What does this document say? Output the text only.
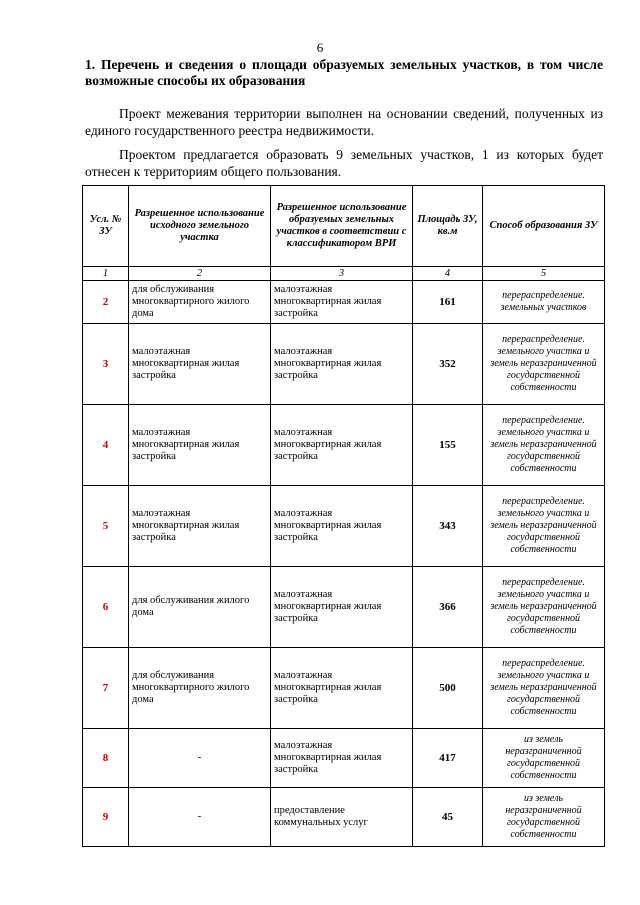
6
1. Перечень и сведения о площади образуемых земельных участков, в том числе возможные способы их образования

Проект межевания территории выполнен на основании сведений, полученных из единого государственного реестра недвижимости.

Проектом предлагается образовать 9 земельных участков, 1 из которых будет отнесен к территориям общего пользования.

Усл. № ЗУ	Разрешенное использование исходного земельного участка	Разрешенное использование образуемых земельных участков в соответствии с классификатором ВРИ	Площадь ЗУ, кв.м	Способ образования ЗУ
1	2	3	4	5
2	для обслуживания многоквартирного жилого дома	малоэтажная многоквартирная жилая застройка	161	перераспределение. земельных участков
3	малоэтажная многоквартирная жилая застройка	малоэтажная многоквартирная жилая застройка	352	перераспределение. земельного участка и земель неразграниченной государственной собственности
4	малоэтажная многоквартирная жилая застройка	малоэтажная многоквартирная жилая застройка	155	перераспределение. земельного участка и земель неразграниченной государственной собственности
5	малоэтажная многоквартирная жилая застройка	малоэтажная многоквартирная жилая застройка	343	перераспределение. земельного участка и земель неразграниченной государственной собственности
6	для обслуживания жилого дома	малоэтажная многоквартирная жилая застройка	366	перераспределение. земельного участка и земель неразграниченной государственной собственности
7	для обслуживания многоквартирного жилого дома	малоэтажная многоквартирная жилая застройка	500	перераспределение. земельного участка и земель неразграниченной государственной собственности
8	-	малоэтажная многоквартирная жилая застройка	417	из земель неразграниченной государственной собственности
9	-	предоставление коммунальных услуг	45	из земель неразграниченной государственной собственности
